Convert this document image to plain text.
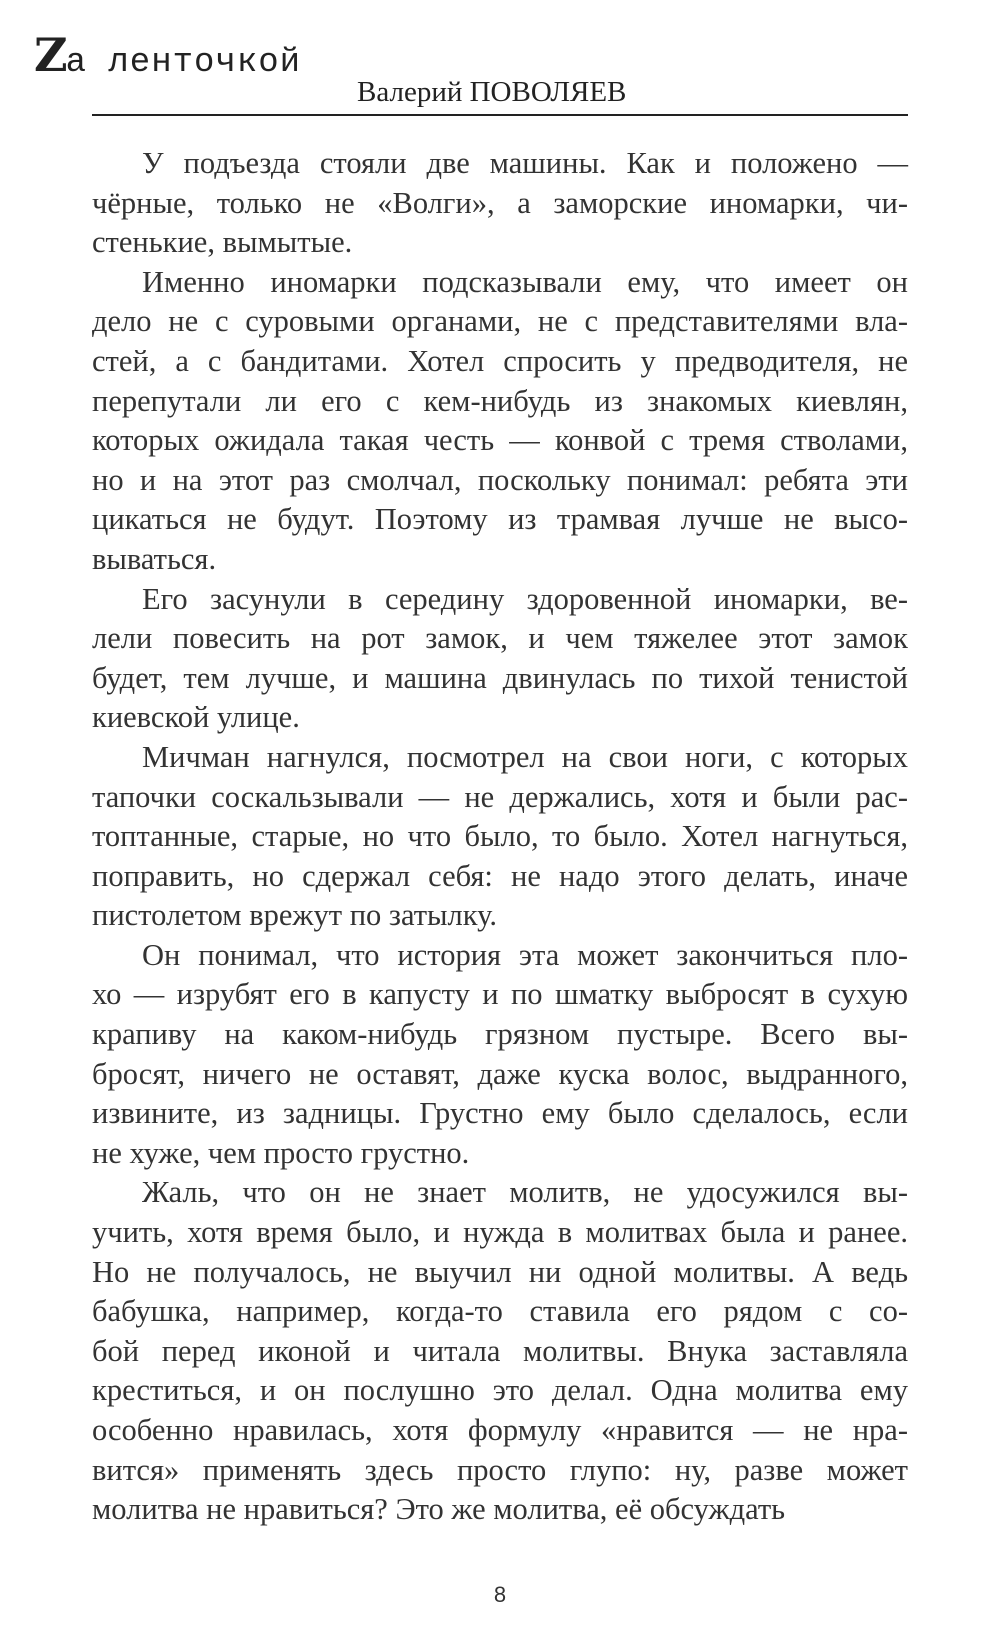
Zа ленточкой
Валерий ПОВОЛЯЕВ
У подъезда стояли две машины. Как и положено —
чёрные, только не «Волги», а заморские иномарки, чи-
стенькие, вымытые.
Именно иномарки подсказывали ему, что имеет он
дело не с суровыми органами, не с представителями вла-
стей, а с бандитами. Хотел спросить у предводителя, не
перепутали ли его с кем-нибудь из знакомых киевлян,
которых ожидала такая честь — конвой с тремя стволами,
но и на этот раз смолчал, поскольку понимал: ребята эти
цикаться не будут. Поэтому из трамвая лучше не высо-
вываться.
Его засунули в середину здоровенной иномарки, ве-
лели повесить на рот замок, и чем тяжелее этот замок
будет, тем лучше, и машина двинулась по тихой тенистой
киевской улице.
Мичман нагнулся, посмотрел на свои ноги, с которых
тапочки соскальзывали — не держались, хотя и были рас-
топтанные, старые, но что было, то было. Хотел нагнуться,
поправить, но сдержал себя: не надо этого делать, иначе
пистолетом врежут по затылку.
Он понимал, что история эта может закончиться пло-
хо — изрубят его в капусту и по шматку выбросят в сухую
крапиву на каком-нибудь грязном пустыре. Всего вы-
бросят, ничего не оставят, даже куска волос, выдранного,
извините, из задницы. Грустно ему было сделалось, если
не хуже, чем просто грустно.
Жаль, что он не знает молитв, не удосужился вы-
учить, хотя время было, и нужда в молитвах была и ранее.
Но не получалось, не выучил ни одной молитвы. А ведь
бабушка, например, когда-то ставила его рядом с со-
бой перед иконой и читала молитвы. Внука заставляла
креститься, и он послушно это делал. Одна молитва ему
особенно нравилась, хотя формулу «нравится — не нра-
вится» применять здесь просто глупо: ну, разве может
молитва не нравиться? Это же молитва, её обсуждать
8
